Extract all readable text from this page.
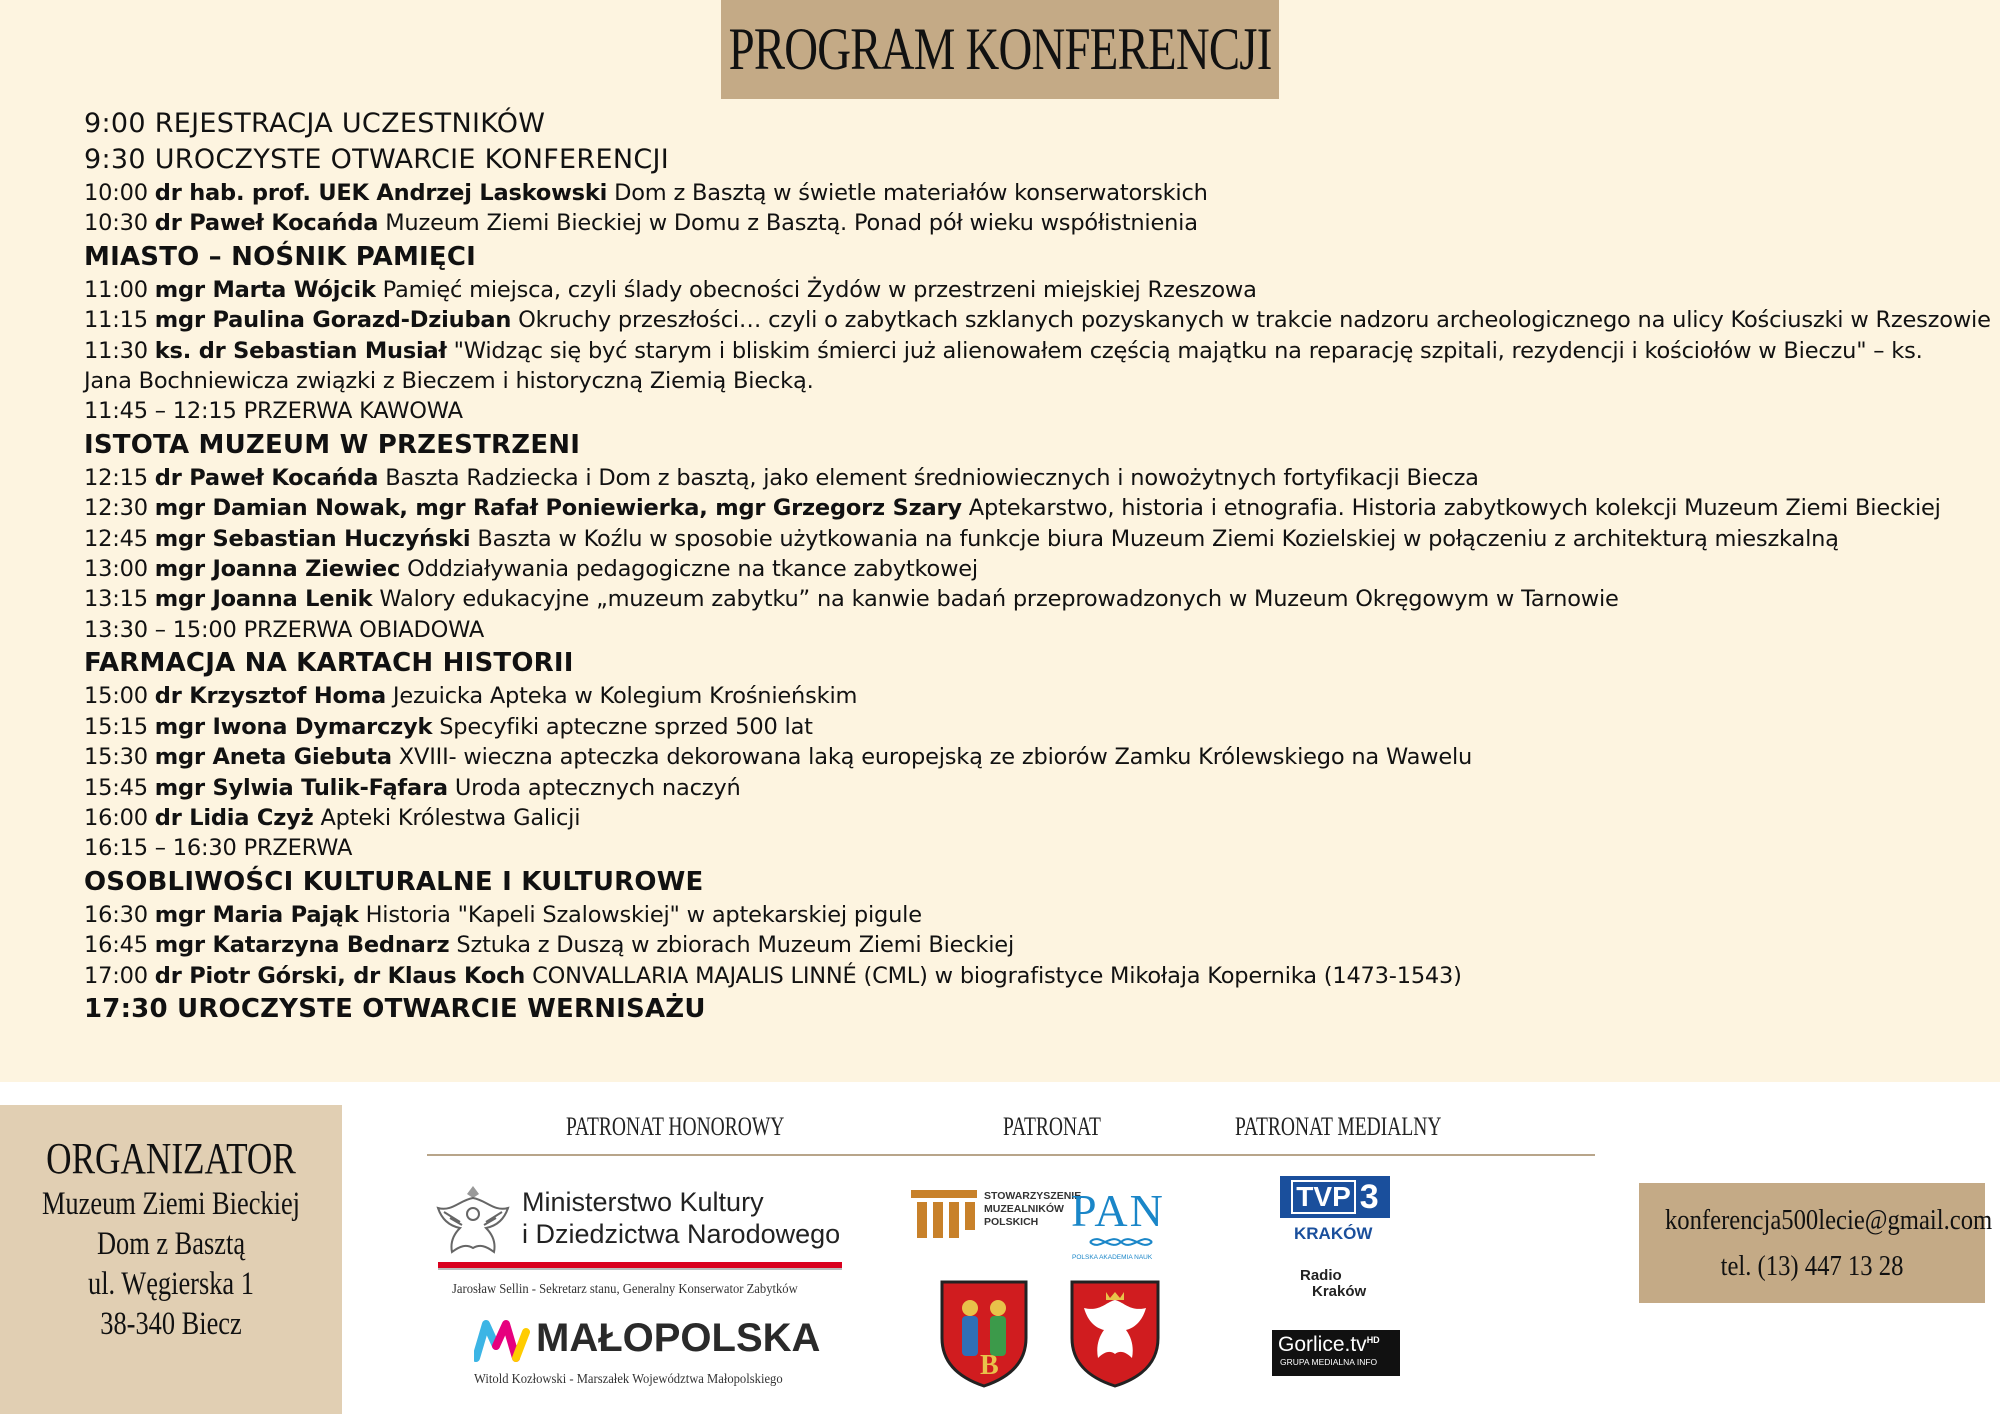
PROGRAM KONFERENCJI
9:00 REJESTRACJA UCZESTNIKÓW
9:30 UROCZYSTE OTWARCIE KONFERENCJI
10:00 dr hab. prof. UEK Andrzej Laskowski Dom z Basztą w świetle materiałów konserwatorskich
10:30 dr Paweł Kocańda Muzeum Ziemi Bieckiej w Domu z Basztą. Ponad pół wieku współistnienia
MIASTO – NOŚNIK PAMIĘCI
11:00 mgr Marta Wójcik Pamięć miejsca, czyli ślady obecności Żydów w przestrzeni miejskiej Rzeszowa
11:15 mgr Paulina Gorazd-Dziuban Okruchy przeszłości… czyli o zabytkach szklanych pozyskanych w trakcie nadzoru archeologicznego na ulicy Kościuszki w Rzeszowie
11:30 ks. dr Sebastian Musiał "Widząc się być starym i bliskim śmierci już alienowałem częścią majątku na reparację szpitali, rezydencji i kościołów w Bieczu" – ks. Jana Bochniewicza związki z Bieczem i historyczną Ziemią Biecką.
11:45 – 12:15 PRZERWA KAWOWA
ISTOTA MUZEUM W PRZESTRZENI
12:15 dr Paweł Kocańda Baszta Radziecka i Dom z basztą, jako element średniowiecznych i nowożytnych fortyfikacji Biecza
12:30 mgr Damian Nowak, mgr Rafał Poniewierka, mgr Grzegorz Szary Aptekarstwo, historia i etnografia. Historia zabytkowych kolekcji Muzeum Ziemi Bieckiej
12:45 mgr Sebastian Huczyński Baszta w Koźlu w sposobie użytkowania na funkcje biura Muzeum Ziemi Kozielskiej w połączeniu z architekturą mieszkalną
13:00 mgr Joanna Ziewiec Oddziaływania pedagogiczne na tkance zabytkowej
13:15 mgr Joanna Lenik Walory edukacyjne „muzeum zabytku” na kanwie badań przeprowadzonych w Muzeum Okręgowym w Tarnowie
13:30 – 15:00 PRZERWA OBIADOWA
FARMACJA NA KARTACH HISTORII
15:00 dr Krzysztof Homa Jezuicka Apteka w Kolegium Krośnieńskim
15:15 mgr Iwona Dymarczyk Specyfiki apteczne sprzed 500 lat
15:30 mgr Aneta Giebuta XVIII- wieczna apteczka dekorowana laką europejską ze zbiorów Zamku Królewskiego na Wawelu
15:45 mgr Sylwia Tulik-Fąfara Uroda aptecznych naczyń
16:00 dr Lidia Czyż Apteki Królestwa Galicji
16:15 – 16:30 PRZERWA
OSOBLIWOŚCI KULTURALNE I KULTUROWE
16:30 mgr Maria Pająk Historia "Kapeli Szalowskiej" w aptekarskiej pigule
16:45 mgr Katarzyna Bednarz Sztuka z Duszą w zbiorach Muzeum Ziemi Bieckiej
17:00 dr Piotr Górski, dr Klaus Koch CONVALLARIA MAJALIS LINNÉ (CML) w biografistyce Mikołaja Kopernika (1473-1543)
17:30 UROCZYSTE OTWARCIE WERNISAŻU
ORGANIZATOR
Muzeum Ziemi Bieckiej
Dom z Basztą
ul. Węgierska 1
38-340 Biecz
PATRONAT HONOROWY	PATRONAT	PATRONAT MEDIALNY
Ministerstwo Kultury
i Dziedzictwa Narodowego
Jarosław Sellin - Sekretarz stanu, Generalny Konserwator Zabytków
MAŁOPOLSKA
Witold Kozłowski - Marszałek Województwa Małopolskiego
STOWARZYSZENIE
MUZEALNIKÓW
POLSKICH PAN
POLSKA AKADEMIA NAUK
B
TVP 3
KRAKÓW
Radio
Kraków
$Gorlice.tv^{HD}$
GRUPA MEDIALNA INFO
konferencja500lecie@gmail.com
tel. (13) 447 13 28
